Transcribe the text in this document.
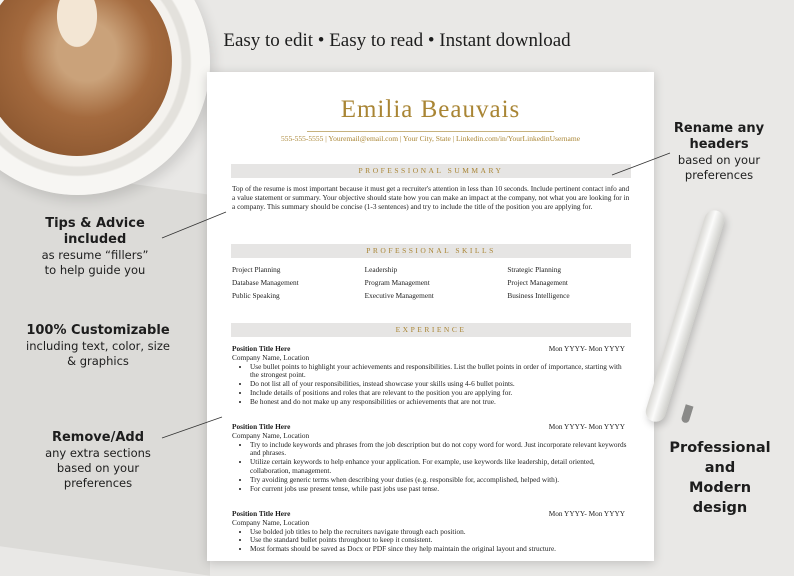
Easy to edit • Easy to read • Instant download
Emilia Beauvais
555-555-5555 | Youremail@email.com | Your City, State | Linkedin.com/in/YourLinkedinUsername
PROFESSIONAL SUMMARY
Top of the resume is most important because it must get a recruiter's attention in less than 10 seconds. Include pertinent contact info and a value statement or summary. Your objective should state how you can make an impact at the company, not what you are looking for in a company. This summary should be concise (1-3 sentences) and try to include the title of the position you are applying for.
PROFESSIONAL SKILLS
Project Planning	Leadership	Strategic Planning
Database Management	Program Management	Project Management
Public Speaking	Executive Management	Business Intelligence
EXPERIENCE
Position Title Here	Mon YYYY- Mon YYYY
Company Name, Location
• Use bullet points to highlight your achievements and responsibilities. List the bullet points in order of importance, starting with the strongest point.
• Do not list all of your responsibilities, instead showcase your skills using 4-6 bullet points.
• Include details of positions and roles that are relevant to the position you are applying for.
• Be honest and do not make up any responsibilities or achievements that are not true.
Position Title Here	Mon YYYY- Mon YYYY
Company Name, Location
• Try to include keywords and phrases from the job description but do not copy word for word. Just incorporate relevant keywords and phrases.
• Utilize certain keywords to help enhance your application. For example, use keywords like leadership, detail oriented, collaboration, management.
• Try avoiding generic terms when describing your duties (e.g. responsible for, accomplished, helped with).
• For current jobs use present tense, while past jobs use past tense.
Position Title Here	Mon YYYY- Mon YYYY
Company Name, Location
• Use bolded job titles to help the recruiters navigate through each position.
• Use the standard bullet points throughout to keep it consistent.
• Most formats should be saved as Docx or PDF since they help maintain the original layout and structure.
Tips & Advice
included
as resume “fillers”
to help guide you
100% Customizable
including text, color, size
& graphics
Remove/Add
any extra sections
based on your
preferences
Rename any
headers
based on your
preferences
Professional
and
Modern
design
